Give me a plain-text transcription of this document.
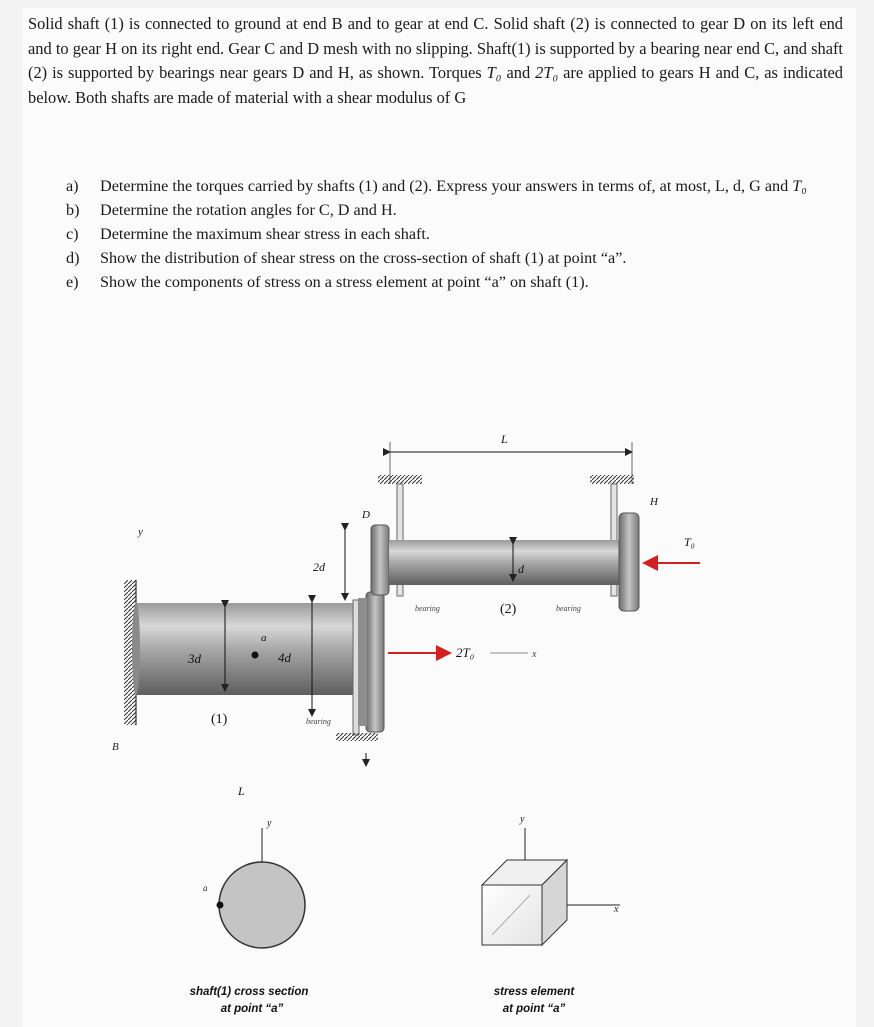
Solid shaft (1) is connected to ground at end B and to gear at end C. Solid shaft (2) is connected to gear D on its left end and to gear H on its right end. Gear C and D mesh with no slipping. Shaft(1) is supported by a bearing near end C, and shaft (2) is supported by bearings near gears D and H, as shown. Torques T₀ and 2T₀ are applied to gears H and C, as indicated below. Both shafts are made of material with a shear modulus of G

a) Determine the torques carried by shafts (1) and (2). Express your answers in terms of, at most, L, d, G and T₀
b) Determine the rotation angles for C, D and H.
c) Determine the maximum shear stress in each shaft.
d) Show the distribution of shear stress on the cross-section of shaft (1) at point “a”.
e) Show the components of stress on a stress element at point “a” on shaft (1).
B
y
3d
a
4d
(1)	bearing
2T₀	x
2d
L
D
d
(2)
bearing	bearing
H
T₀
L
y
a
shaft(1) cross section
at point “a”
y
x
stress element
at point “a”
